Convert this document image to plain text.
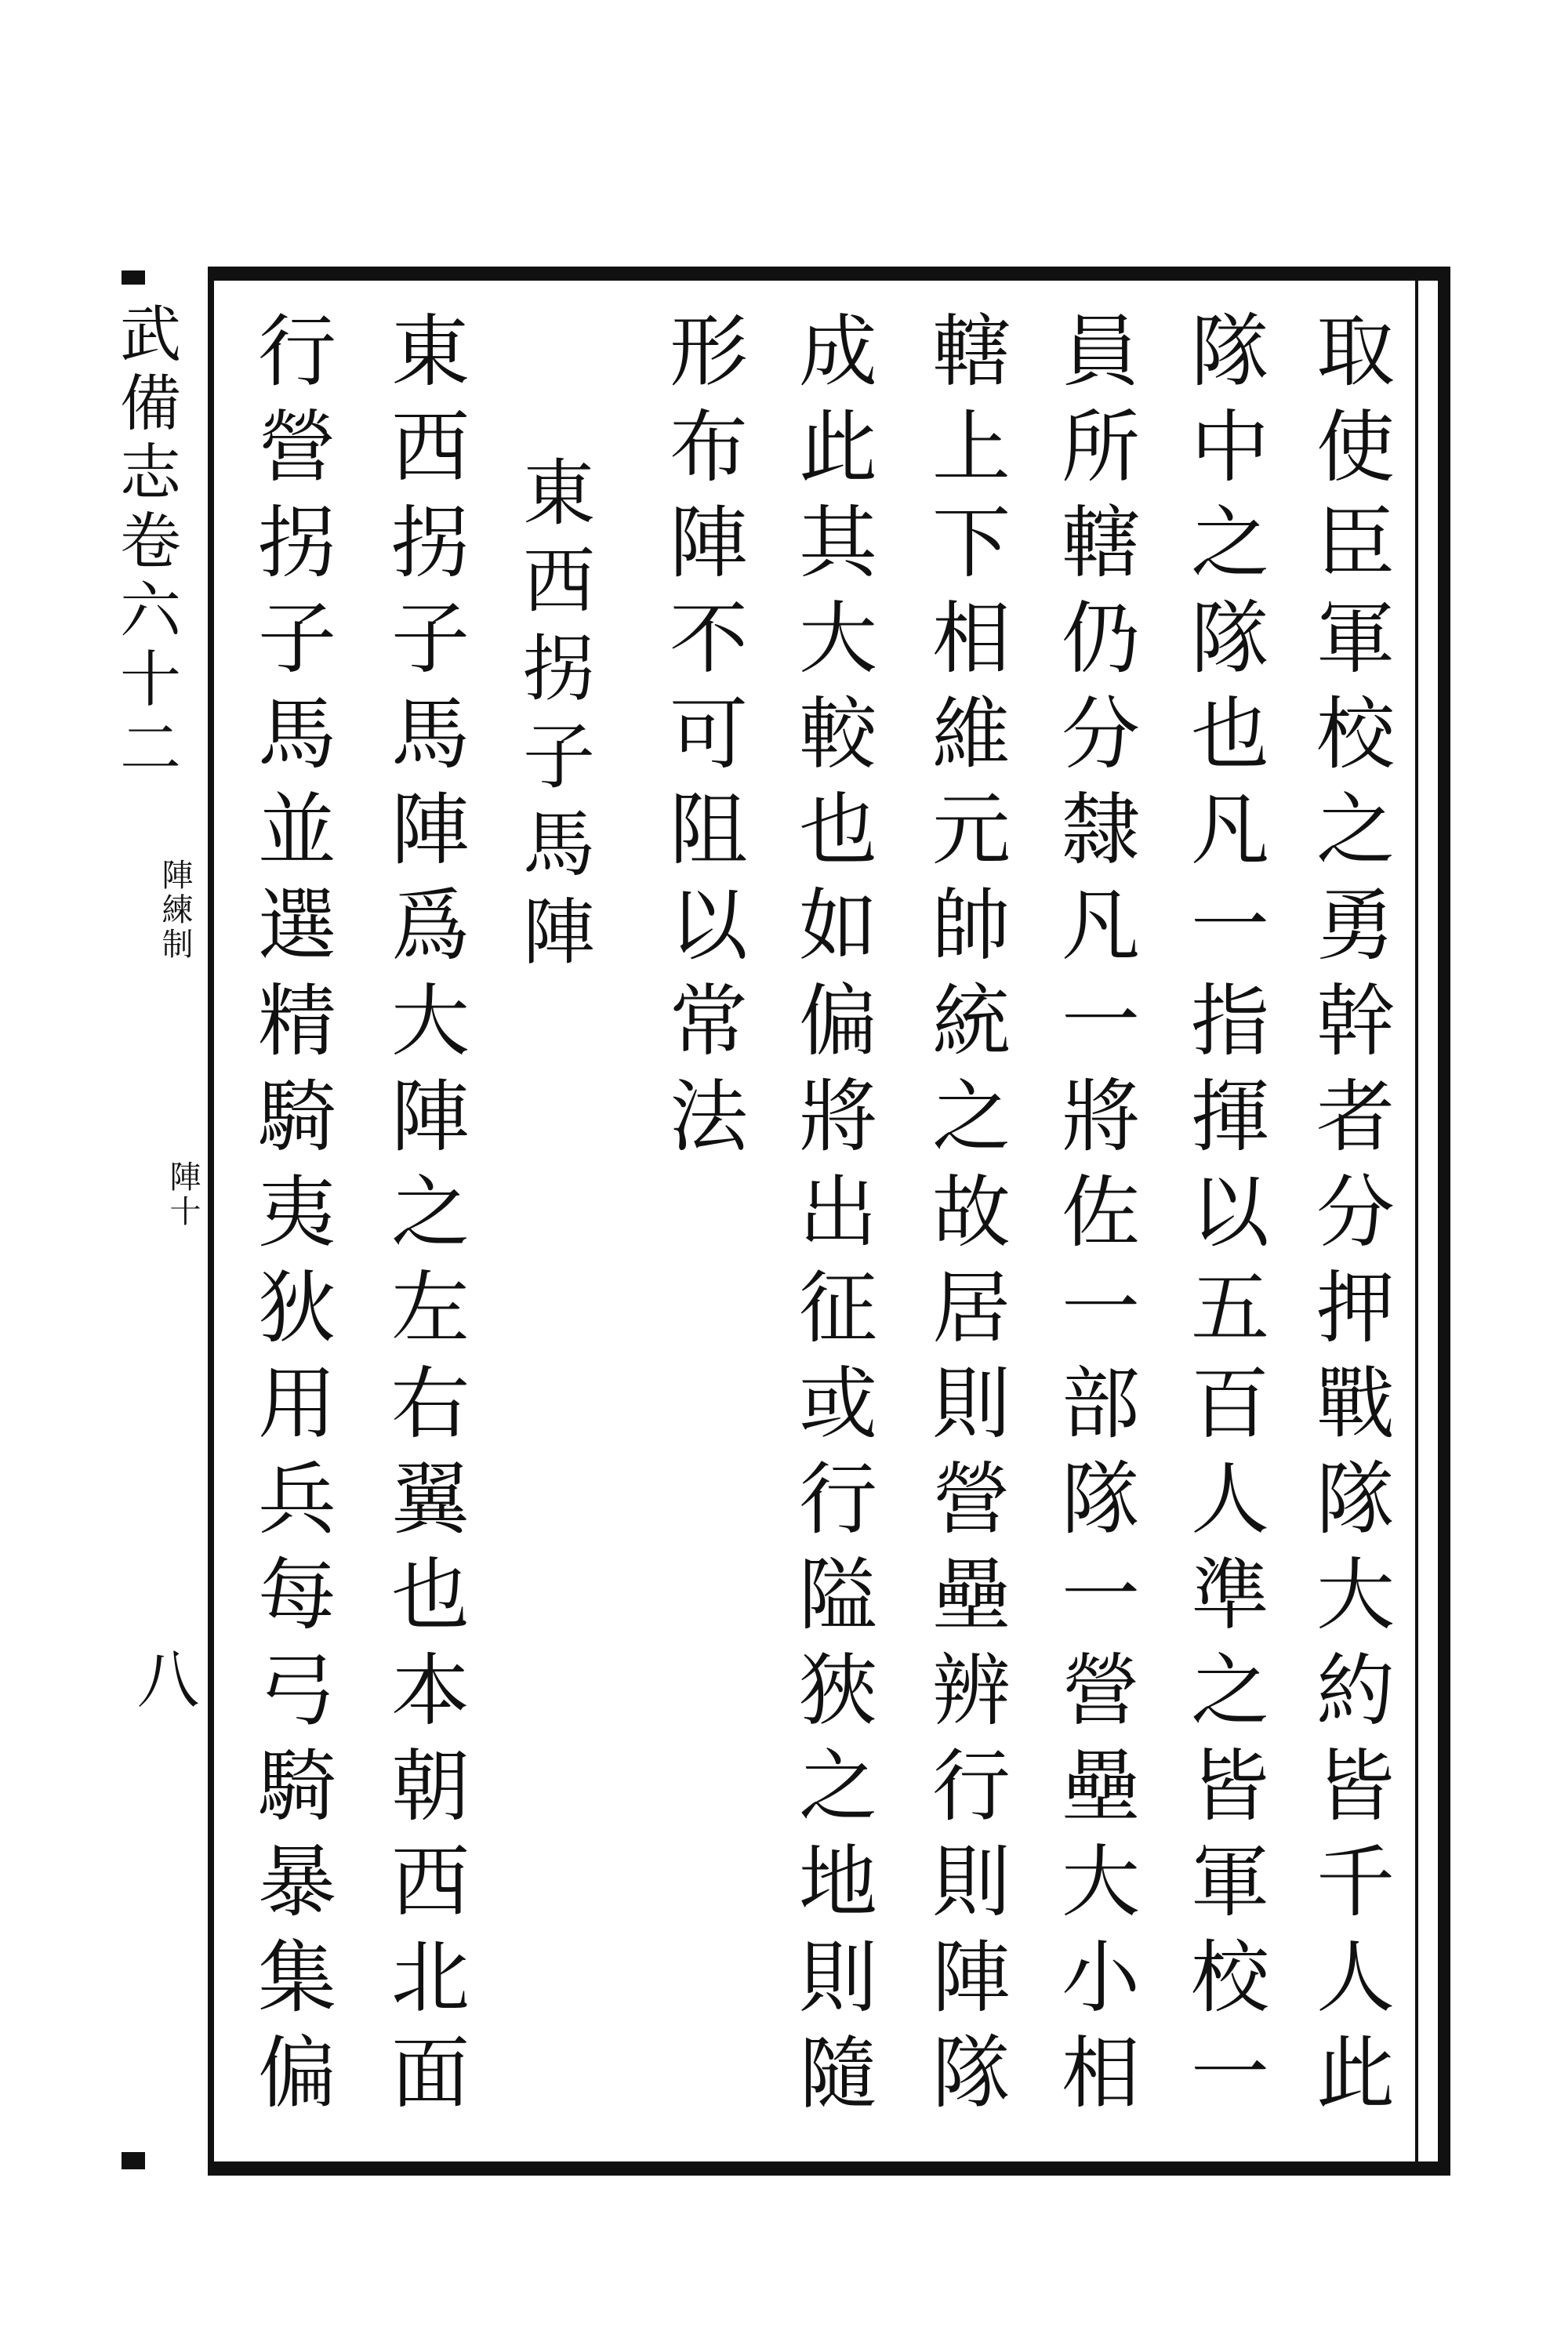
武備志卷六十二

陣練制
陣十
八	取使臣軍校之勇幹者分押戰隊大約皆千人此

隊中之隊也凡一指揮以五百人準之皆軍校一

員所轄仍分隸凡一將佐一部隊一營壘大小相

轄上下相維元帥統之故居則營壘辨行則陣隊

成此其大較也如偏將出征或行隘狹之地則隨

形布陣不可阻以常法

東西拐子馬陣

東西拐子馬陣爲大陣之左右翼也本朝西北面

行營拐子馬並選精騎夷狄用兵每弓騎暴集偏
